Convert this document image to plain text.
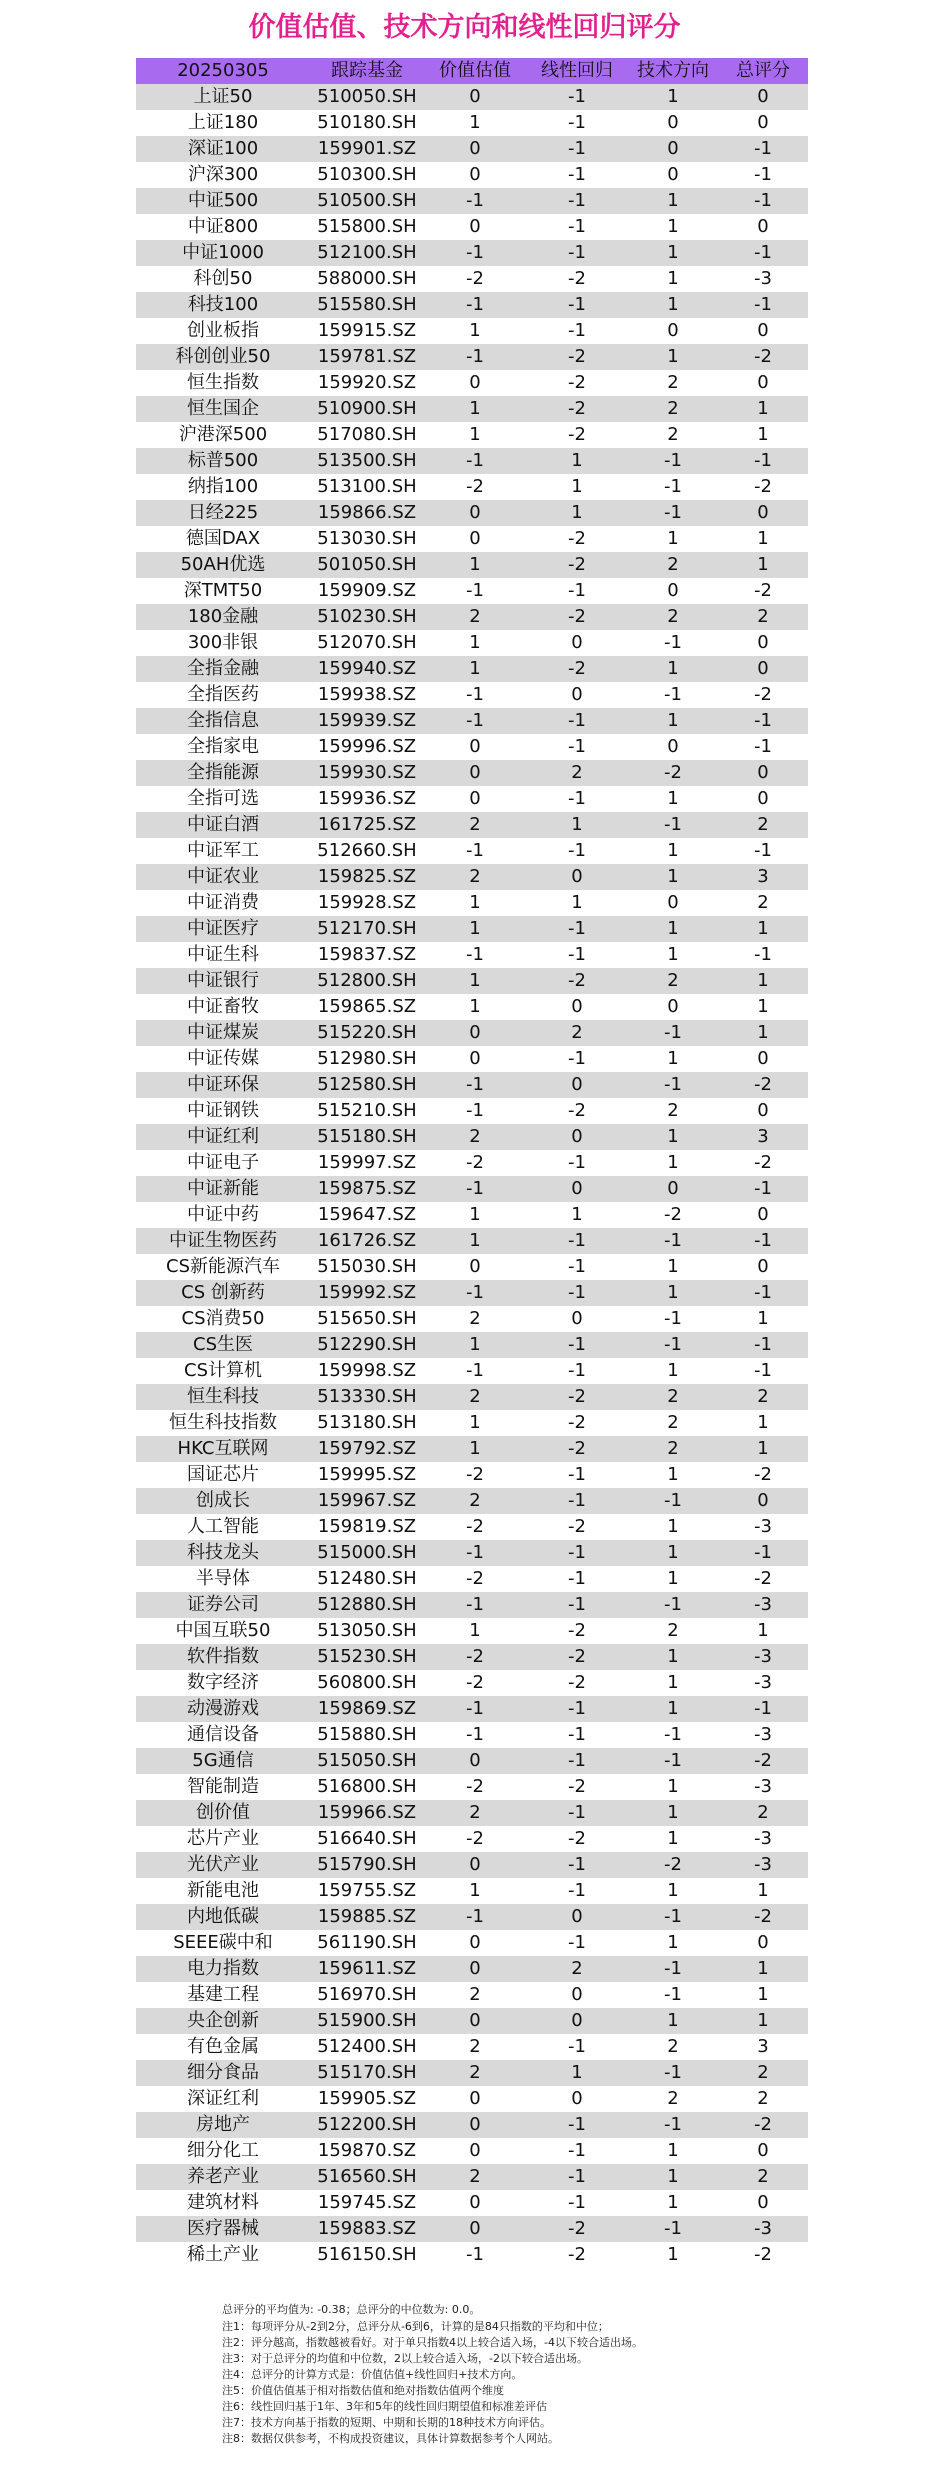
价值估值、技术方向和线性回归评分
20250305	跟踪基金	价值估值	线性回归	技术方向	总评分
上证50	510050.SH	0	-1	1	0
上证180	510180.SH	1	-1	0	0
深证100	159901.SZ	0	-1	0	-1
沪深300	510300.SH	0	-1	0	-1
中证500	510500.SH	-1	-1	1	-1
中证800	515800.SH	0	-1	1	0
中证1000	512100.SH	-1	-1	1	-1
科创50	588000.SH	-2	-2	1	-3
科技100	515580.SH	-1	-1	1	-1
创业板指	159915.SZ	1	-1	0	0
科创创业50	159781.SZ	-1	-2	1	-2
恒生指数	159920.SZ	0	-2	2	0
恒生国企	510900.SH	1	-2	2	1
沪港深500	517080.SH	1	-2	2	1
标普500	513500.SH	-1	1	-1	-1
纳指100	513100.SH	-2	1	-1	-2
日经225	159866.SZ	0	1	-1	0
德国DAX	513030.SH	0	-2	1	1
50AH优选	501050.SH	1	-2	2	1
深TMT50	159909.SZ	-1	-1	0	-2
180金融	510230.SH	2	-2	2	2
300非银	512070.SH	1	0	-1	0
全指金融	159940.SZ	1	-2	1	0
全指医药	159938.SZ	-1	0	-1	-2
全指信息	159939.SZ	-1	-1	1	-1
全指家电	159996.SZ	0	-1	0	-1
全指能源	159930.SZ	0	2	-2	0
全指可选	159936.SZ	0	-1	1	0
中证白酒	161725.SZ	2	1	-1	2
中证军工	512660.SH	-1	-1	1	-1
中证农业	159825.SZ	2	0	1	3
中证消费	159928.SZ	1	1	0	2
中证医疗	512170.SH	1	-1	1	1
中证生科	159837.SZ	-1	-1	1	-1
中证银行	512800.SH	1	-2	2	1
中证畜牧	159865.SZ	1	0	0	1
中证煤炭	515220.SH	0	2	-1	1
中证传媒	512980.SH	0	-1	1	0
中证环保	512580.SH	-1	0	-1	-2
中证钢铁	515210.SH	-1	-2	2	0
中证红利	515180.SH	2	0	1	3
中证电子	159997.SZ	-2	-1	1	-2
中证新能	159875.SZ	-1	0	0	-1
中证中药	159647.SZ	1	1	-2	0
中证生物医药	161726.SZ	1	-1	-1	-1
CS新能源汽车	515030.SH	0	-1	1	0
CS 创新药	159992.SZ	-1	-1	1	-1
CS消费50	515650.SH	2	0	-1	1
CS生医	512290.SH	1	-1	-1	-1
CS计算机	159998.SZ	-1	-1	1	-1
恒生科技	513330.SH	2	-2	2	2
恒生科技指数	513180.SH	1	-2	2	1
HKC互联网	159792.SZ	1	-2	2	1
国证芯片	159995.SZ	-2	-1	1	-2
创成长	159967.SZ	2	-1	-1	0
人工智能	159819.SZ	-2	-2	1	-3
科技龙头	515000.SH	-1	-1	1	-1
半导体	512480.SH	-2	-1	1	-2
证券公司	512880.SH	-1	-1	-1	-3
中国互联50	513050.SH	1	-2	2	1
软件指数	515230.SH	-2	-2	1	-3
数字经济	560800.SH	-2	-2	1	-3
动漫游戏	159869.SZ	-1	-1	1	-1
通信设备	515880.SH	-1	-1	-1	-3
5G通信	515050.SH	0	-1	-1	-2
智能制造	516800.SH	-2	-2	1	-3
创价值	159966.SZ	2	-1	1	2
芯片产业	516640.SH	-2	-2	1	-3
光伏产业	515790.SH	0	-1	-2	-3
新能电池	159755.SZ	1	-1	1	1
内地低碳	159885.SZ	-1	0	-1	-2
SEEE碳中和	561190.SH	0	-1	1	0
电力指数	159611.SZ	0	2	-1	1
基建工程	516970.SH	2	0	-1	1
央企创新	515900.SH	0	0	1	1
有色金属	512400.SH	2	-1	2	3
细分食品	515170.SH	2	1	-1	2
深证红利	159905.SZ	0	0	2	2
房地产	512200.SH	0	-1	-1	-2
细分化工	159870.SZ	0	-1	1	0
养老产业	516560.SH	2	-1	1	2
建筑材料	159745.SZ	0	-1	1	0
医疗器械	159883.SZ	0	-2	-1	-3
稀土产业	516150.SH	-1	-2	1	-2
总评分的平均值为: -0.38；总评分的中位数为: 0.0。
注1：每项评分从-2到2分，总评分从-6到6，计算的是84只指数的平均和中位；
注2：评分越高，指数越被看好。对于单只指数4以上较合适入场，-4以下较合适出场。
注3：对于总评分的均值和中位数，2以上较合适入场，-2以下较合适出场。
注4：总评分的计算方式是：价值估值+线性回归+技术方向。
注5：价值估值基于相对指数估值和绝对指数估值两个维度
注6：线性回归基于1年、3年和5年的线性回归期望值和标准差评估
注7：技术方向基于指数的短期、中期和长期的18种技术方向评估。
注8：数据仅供参考，不构成投资建议，具体计算数据参考个人网站。
